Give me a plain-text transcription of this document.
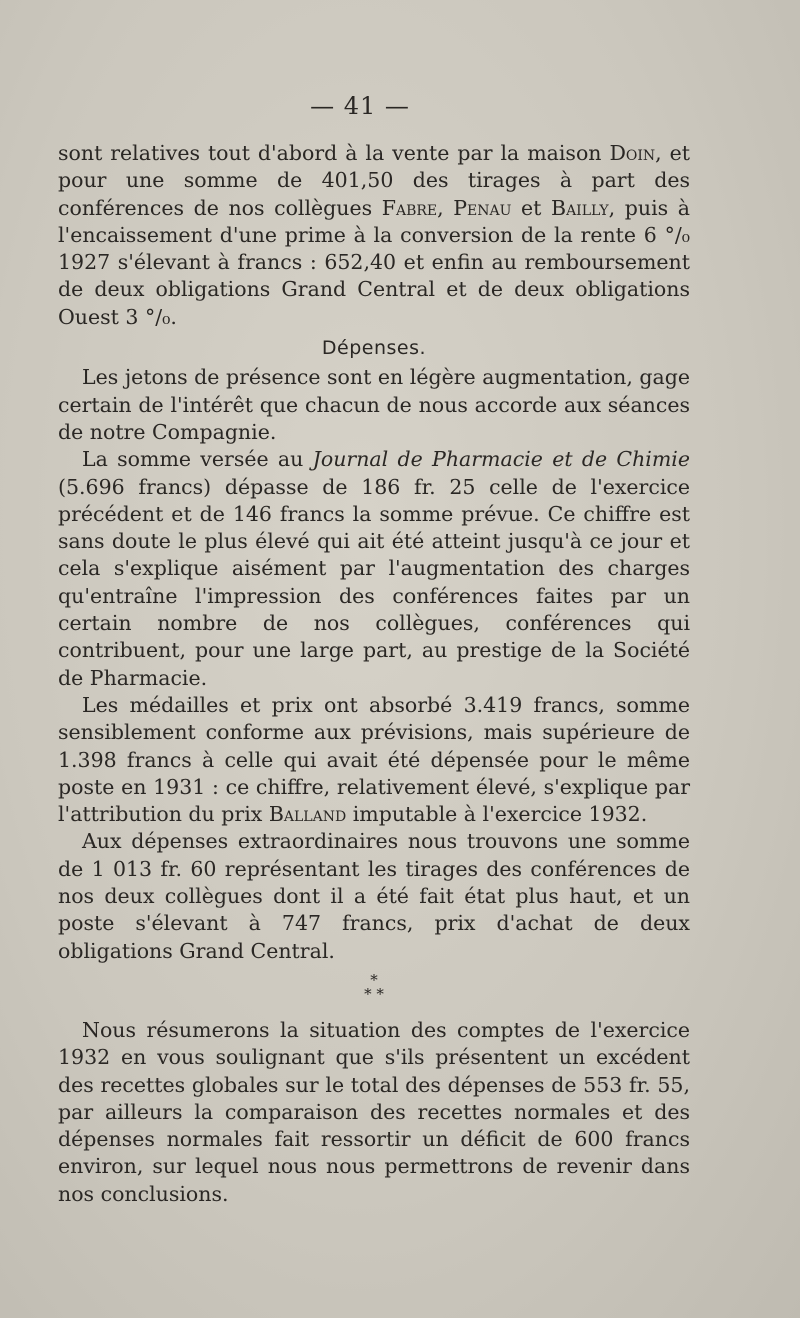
— 41 —

sont relatives tout d'abord à la vente par la maison Doin, et pour une somme de 401,50 des tirages à part des conférences de nos collègues Fabre, Penau et Bailly, puis à l'encaissement d'une prime à la conversion de la rente 6 °/₀ 1927 s'élevant à francs : 652,40 et enfin au remboursement de deux obligations Grand Central et de deux obligations Ouest 3 °/₀.

Dépenses.

Les jetons de présence sont en légère augmentation, gage certain de l'intérêt que chacun de nous accorde aux séances de notre Compagnie.

La somme versée au Journal de Pharmacie et de Chimie (5.696 francs) dépasse de 186 fr. 25 celle de l'exercice précédent et de 146 francs la somme prévue. Ce chiffre est sans doute le plus élevé qui ait été atteint jusqu'à ce jour et cela s'explique aisément par l'augmentation des charges qu'entraîne l'impression des conférences faites par un certain nombre de nos collègues, conférences qui contribuent, pour une large part, au prestige de la Société de Pharmacie.

Les médailles et prix ont absorbé 3.419 francs, somme sensiblement conforme aux prévisions, mais supérieure de 1.398 francs à celle qui avait été dépensée pour le même poste en 1931 : ce chiffre, relativement élevé, s'explique par l'attribution du prix Balland imputable à l'exercice 1932.

Aux dépenses extraordinaires nous trouvons une somme de 1 013 fr. 60 représentant les tirages des conférences de nos deux collègues dont il a été fait état plus haut, et un poste s'élevant à 747 francs, prix d'achat de deux obligations Grand Central.

*
* *

Nous résumerons la situation des comptes de l'exercice 1932 en vous soulignant que s'ils présentent un excédent des recettes globales sur le total des dépenses de 553 fr. 55, par ailleurs la comparaison des recettes normales et des dépenses normales fait ressortir un déficit de 600 francs environ, sur lequel nous nous permettrons de revenir dans nos conclusions.
